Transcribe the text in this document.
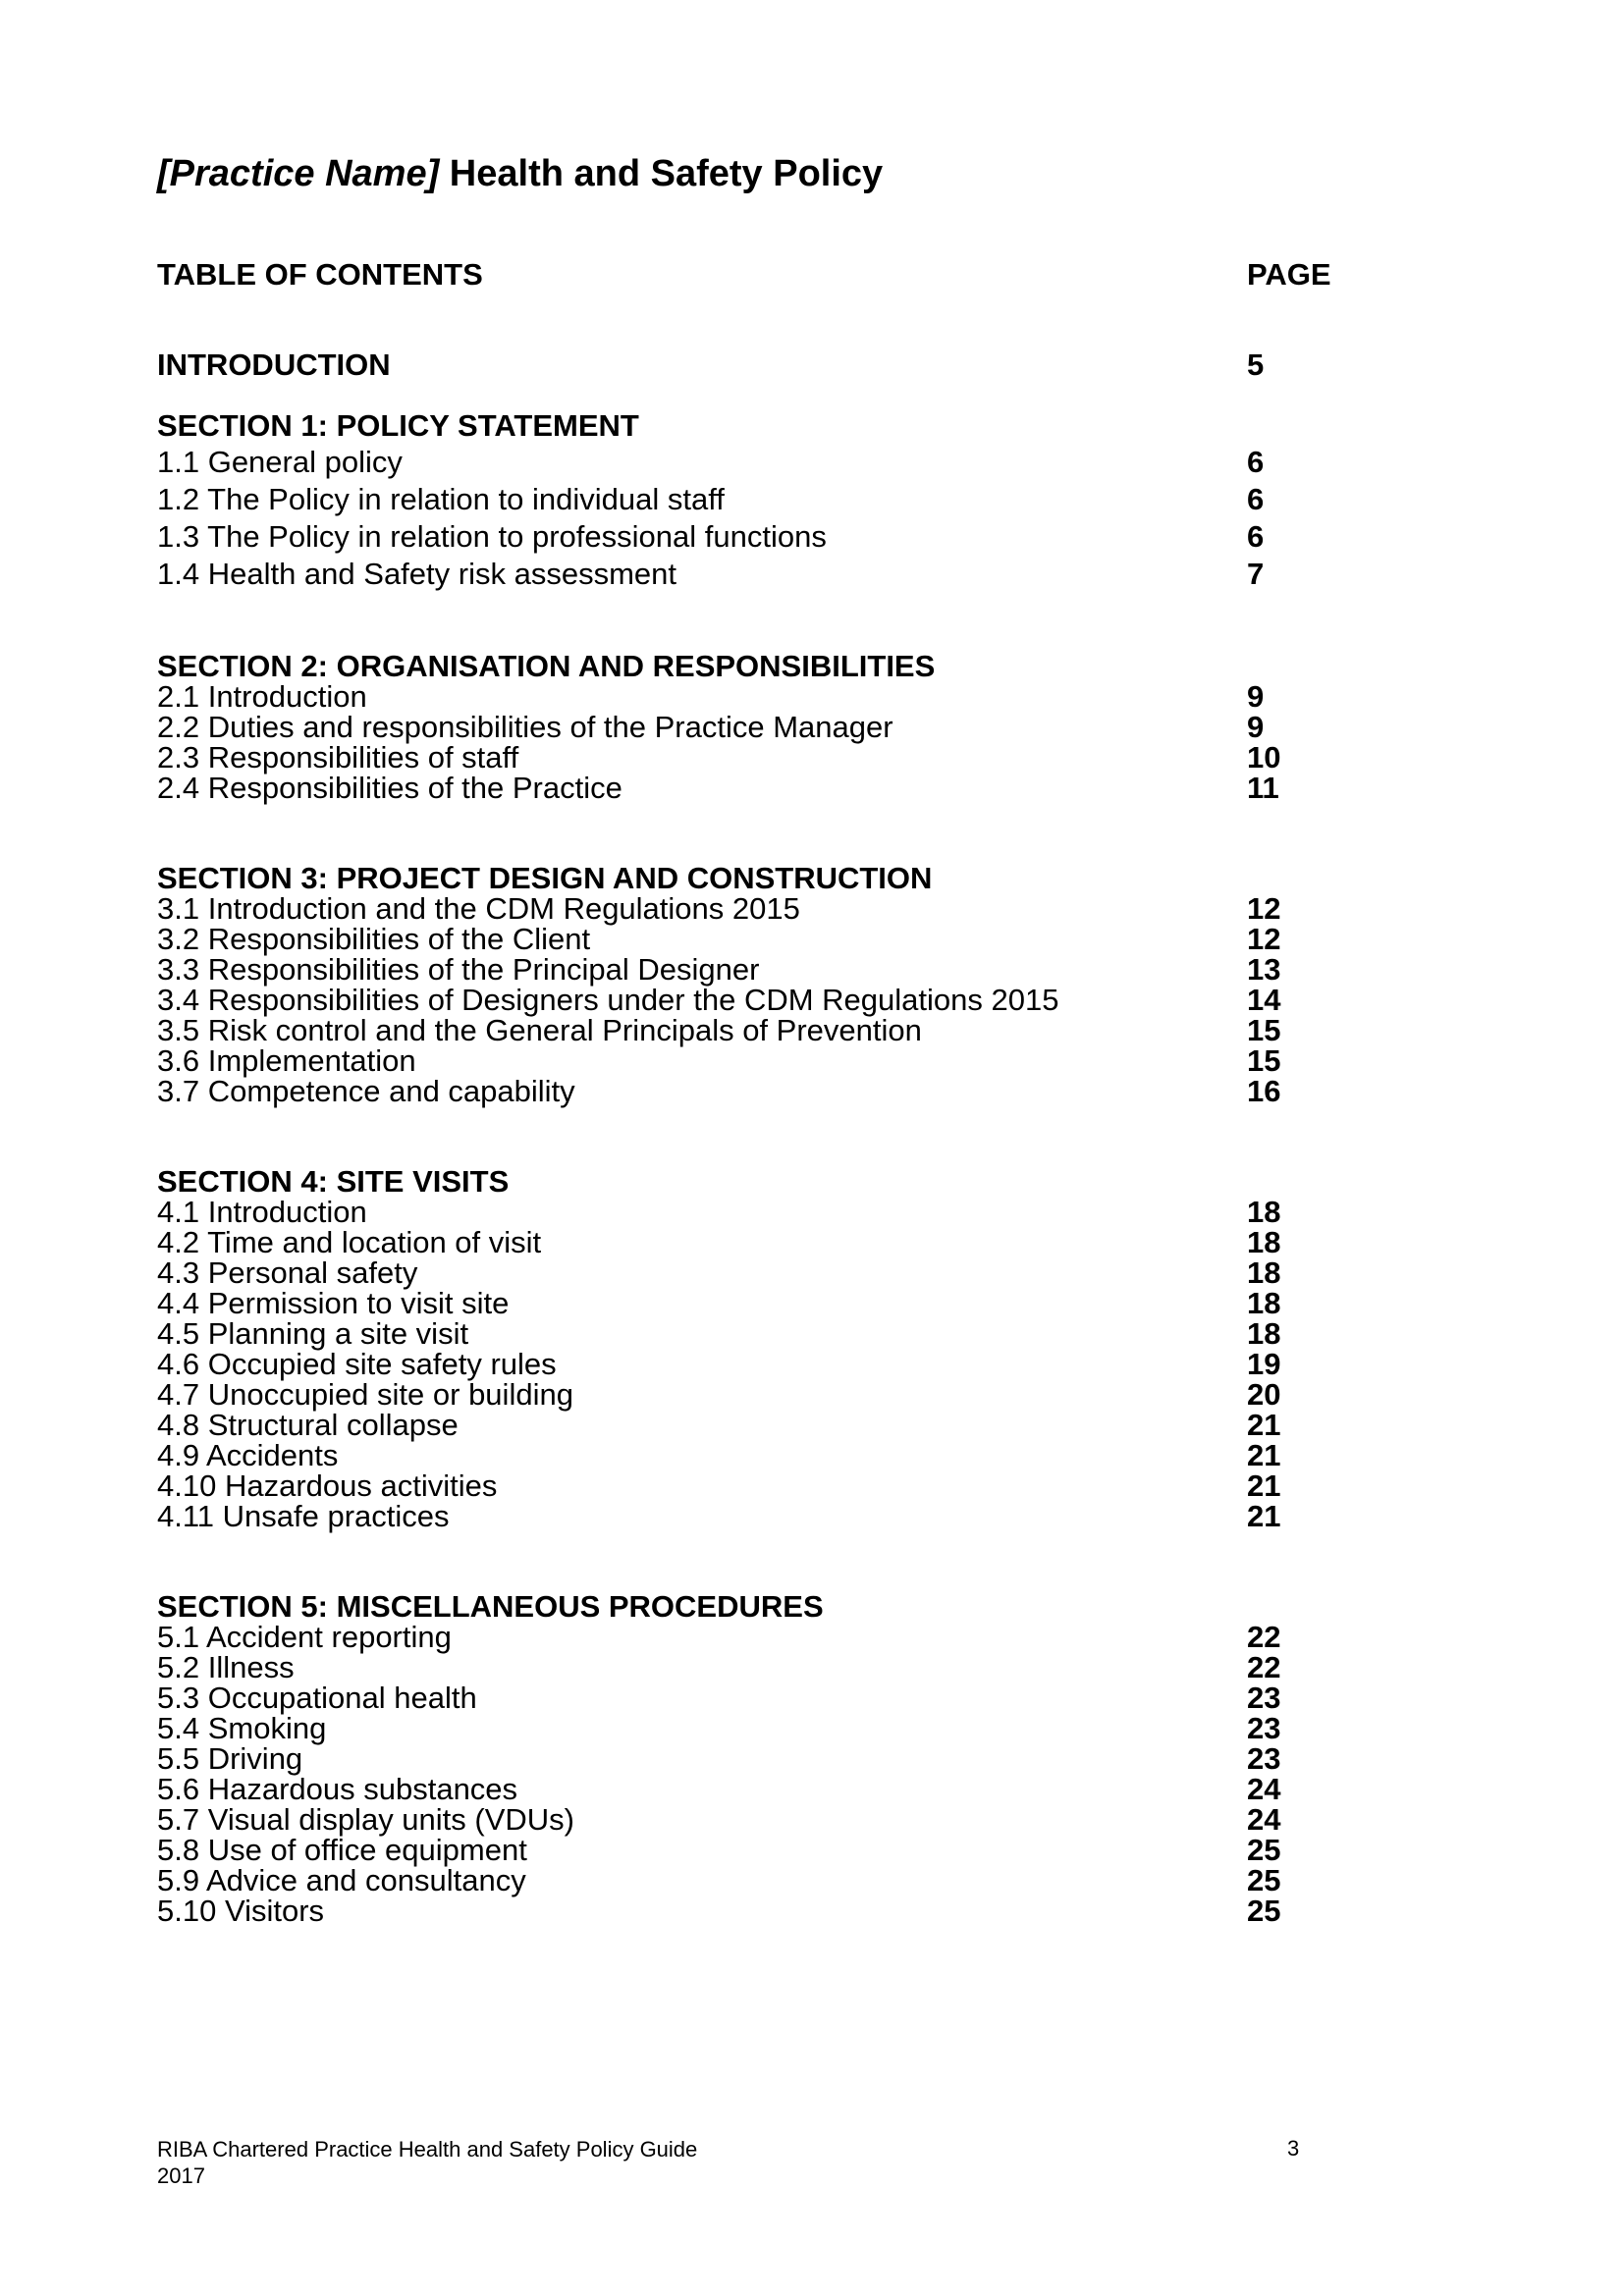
[Practice Name] Health and Safety Policy
TABLE OF CONTENTS	PAGE
INTRODUCTION	5
SECTION 1: POLICY STATEMENT
1.1 General policy	6
1.2 The Policy in relation to individual staff	6
1.3 The Policy in relation to professional functions	6
1.4 Health and Safety risk assessment	7
SECTION 2: ORGANISATION AND RESPONSIBILITIES
2.1 Introduction	9
2.2 Duties and responsibilities of the Practice Manager	9
2.3 Responsibilities of staff	10
2.4 Responsibilities of the Practice	11
SECTION 3: PROJECT DESIGN AND CONSTRUCTION
3.1 Introduction and the CDM Regulations 2015	12
3.2 Responsibilities of the Client	12
3.3 Responsibilities of the Principal Designer	13
3.4 Responsibilities of Designers under the CDM Regulations 2015	14
3.5 Risk control and the General Principals of Prevention	15
3.6 Implementation	15
3.7 Competence and capability	16
SECTION 4: SITE VISITS
4.1 Introduction	18
4.2 Time and location of visit	18
4.3 Personal safety	18
4.4 Permission to visit site	18
4.5 Planning a site visit	18
4.6 Occupied site safety rules	19
4.7 Unoccupied site or building	20
4.8 Structural collapse	21
4.9 Accidents	21
4.10 Hazardous activities	21
4.11 Unsafe practices	21
SECTION 5: MISCELLANEOUS PROCEDURES
5.1 Accident reporting	22
5.2 Illness	22
5.3 Occupational health	23
5.4 Smoking	23
5.5 Driving	23
5.6 Hazardous substances	24
5.7 Visual display units (VDUs)	24
5.8 Use of office equipment	25
5.9 Advice and consultancy	25
5.10 Visitors	25
RIBA Chartered Practice Health and Safety Policy Guide
2017
3
